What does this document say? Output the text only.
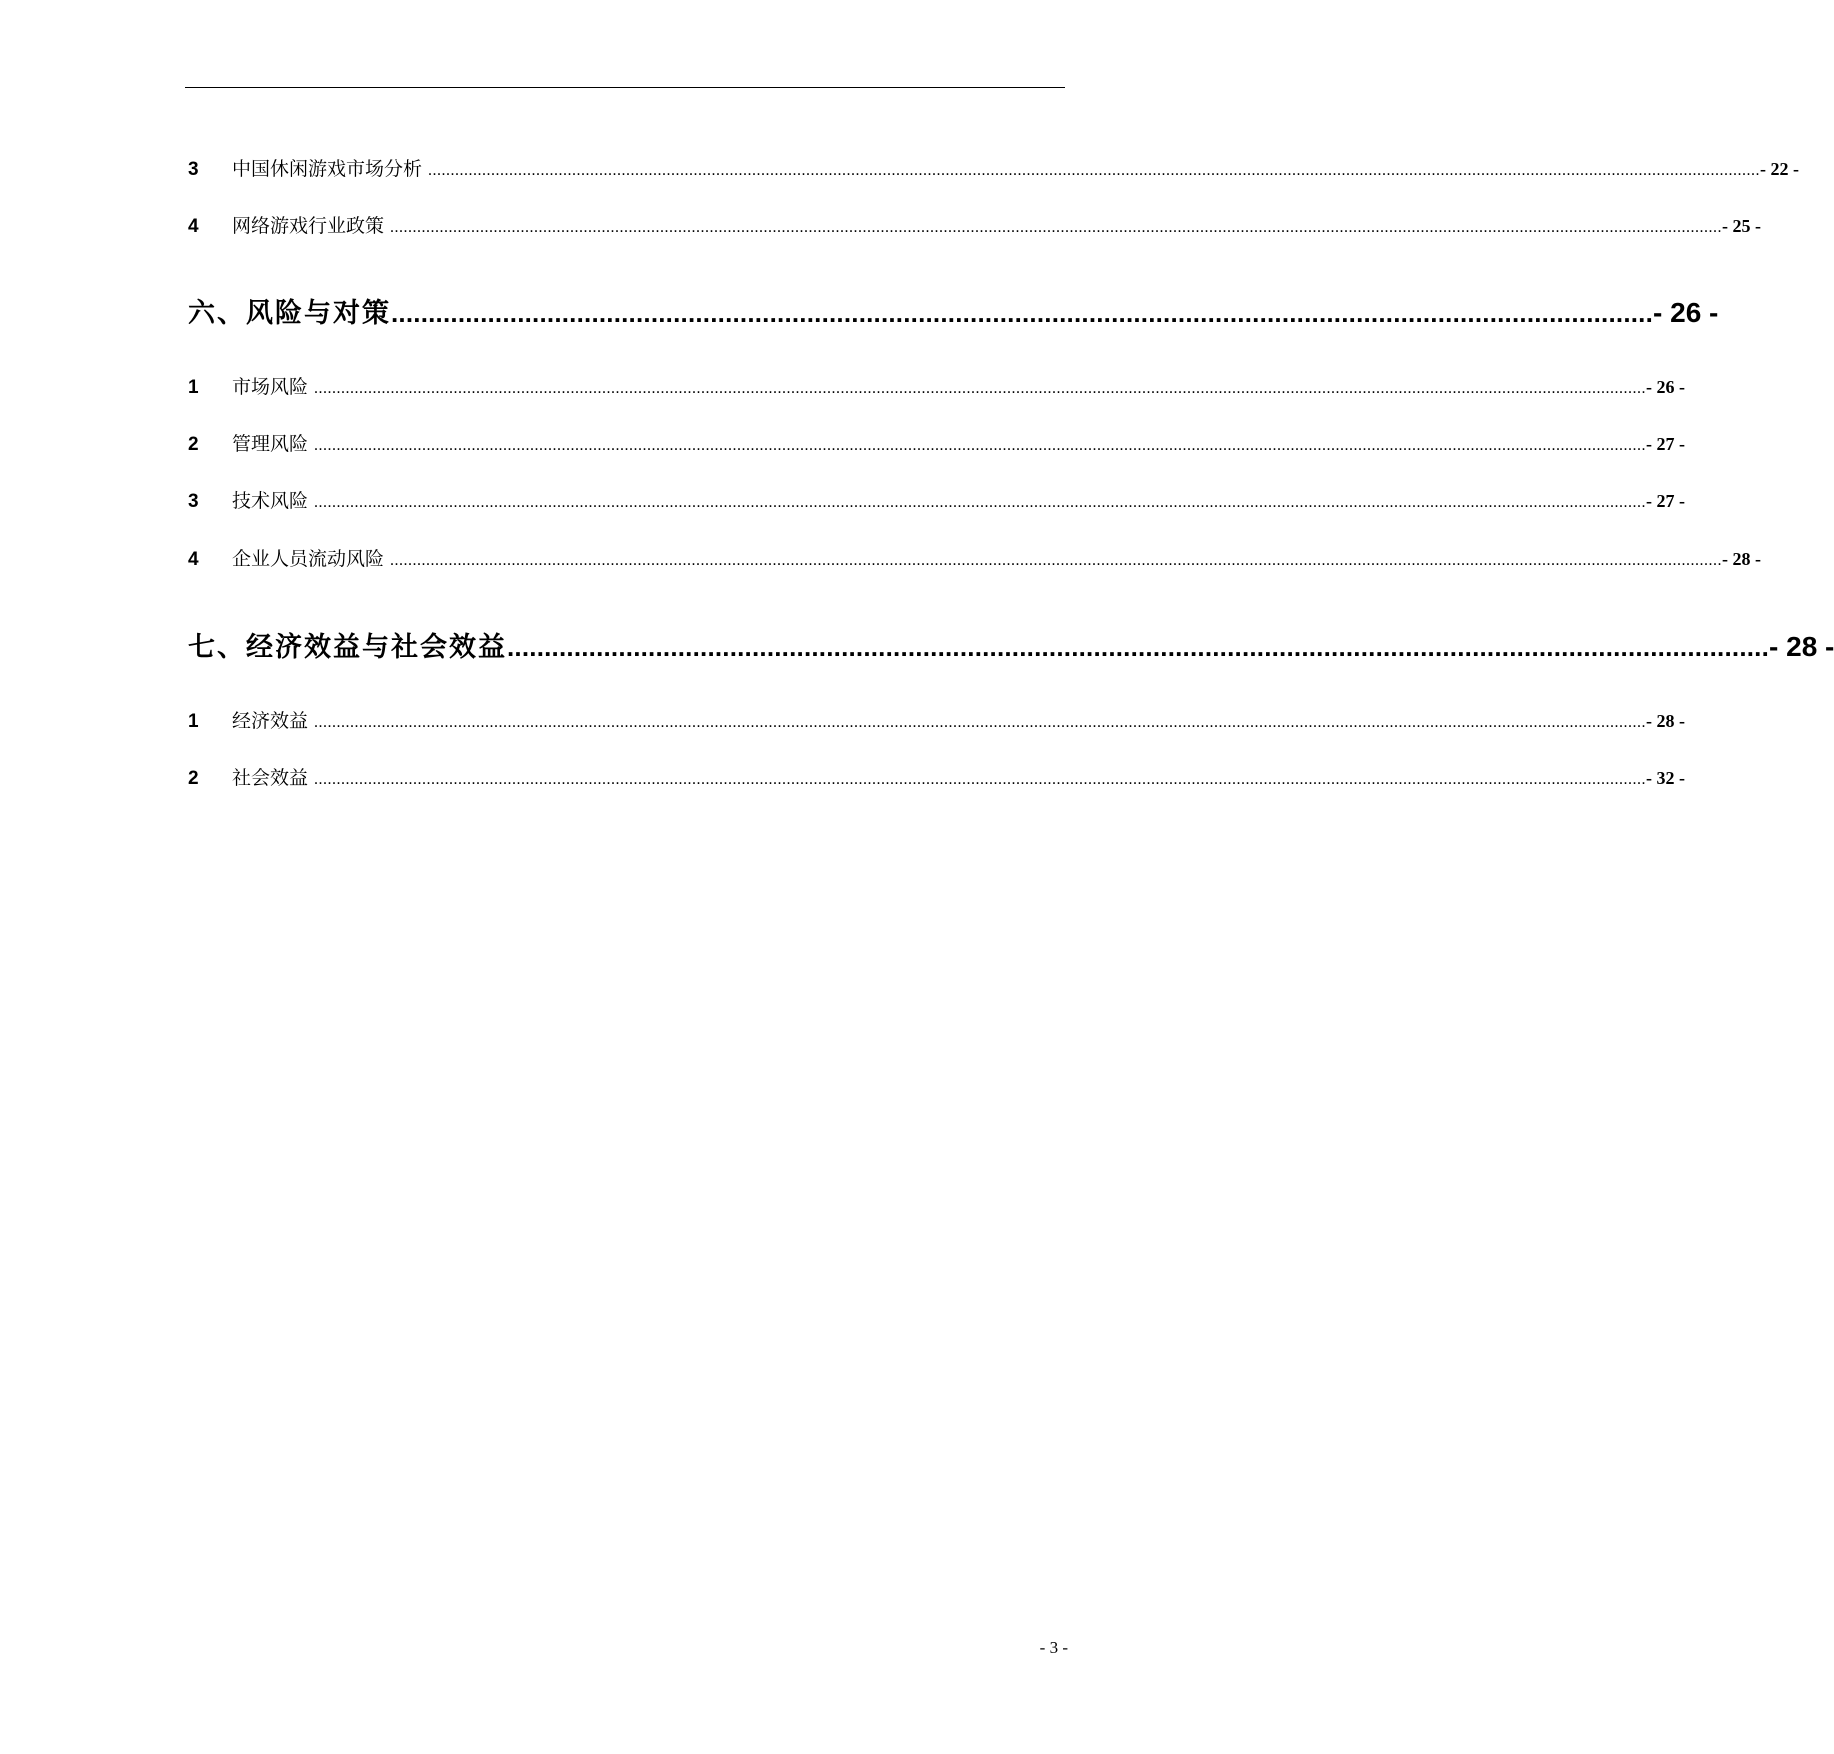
3	中国休闲游戏市场分析 ........................................................................................................................................................................................................................................................................................................ - 22 -
4	网络游戏行业政策 ........................................................................................................................................................................................................................................................................................................ - 25 -
六、风险与对策 .......................................................................................................................................................................... - 26 -
1	市场风险 ........................................................................................................................................................................................................................................................................................................ - 26 -
2	管理风险 ........................................................................................................................................................................................................................................................................................................ - 27 -
3	技术风险 ........................................................................................................................................................................................................................................................................................................ - 27 -
4	企业人员流动风险 ........................................................................................................................................................................................................................................................................................................ - 28 -
七、经济效益与社会效益 .......................................................................................................................................................................... - 28 -
1	经济效益 ........................................................................................................................................................................................................................................................................................................ - 28 -
2	社会效益 ........................................................................................................................................................................................................................................................................................................ - 32 -
- 3 -
